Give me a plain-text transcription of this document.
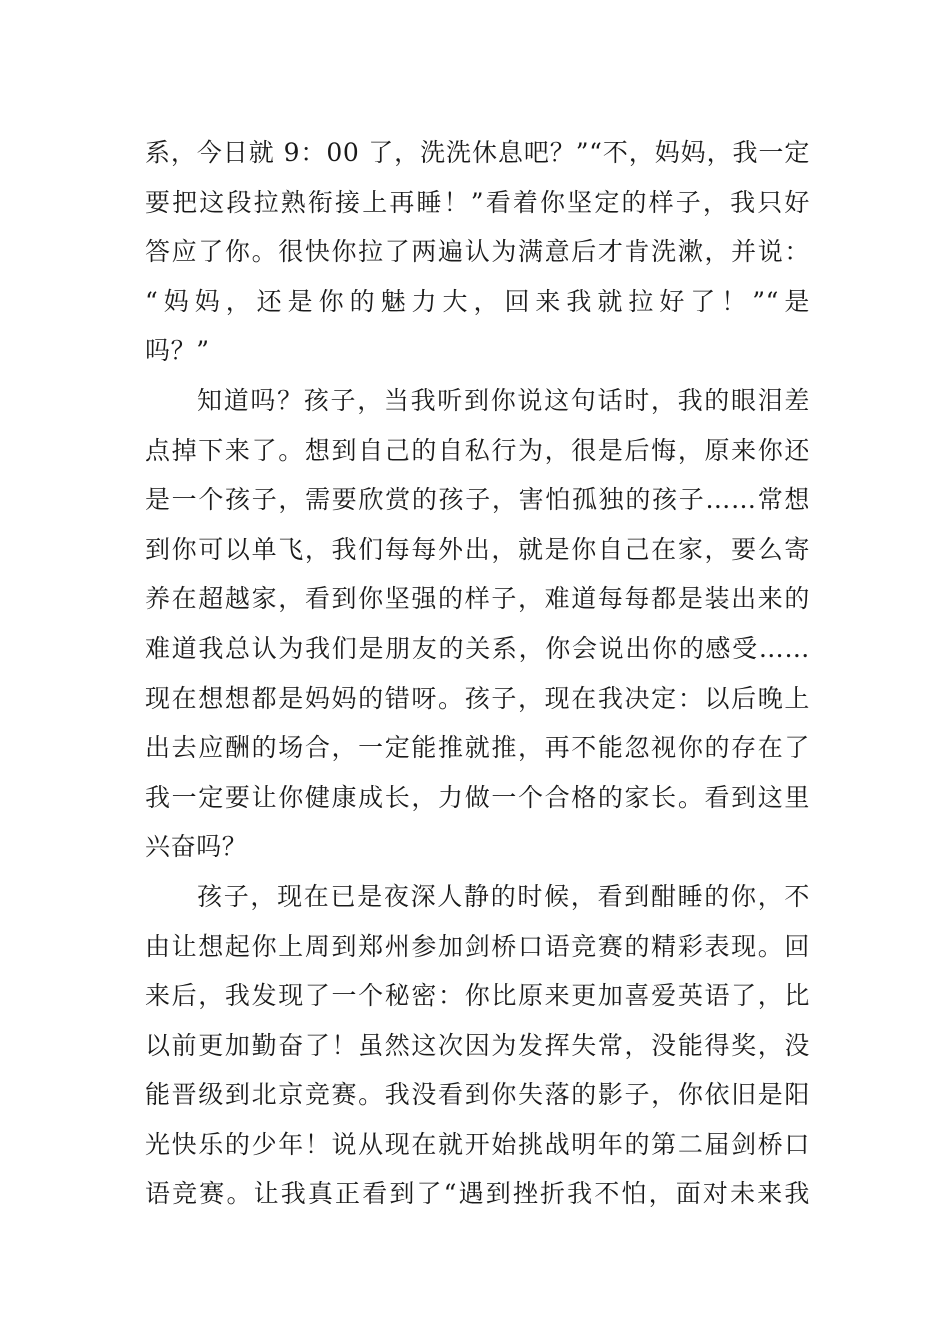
系，今日就 9：00 了，洗洗休息吧？”“不，妈妈，我一定
要把这段拉熟衔接上再睡！”看着你坚定的样子，我只好
答应了你。很快你拉了两遍认为满意后才肯洗漱，并说：
“妈妈，还是你的魅力大，回来我就拉好了！”“是
吗？”
知道吗？孩子，当我听到你说这句话时，我的眼泪差
点掉下来了。想到自己的自私行为，很是后悔，原来你还
是一个孩子，需要欣赏的孩子，害怕孤独的孩子……常想
到你可以单飞，我们每每外出，就是你自己在家，要么寄
养在超越家，看到你坚强的样子，难道每每都是装出来的
难道我总认为我们是朋友的关系，你会说出你的感受……
现在想想都是妈妈的错呀。孩子，现在我决定：以后晚上
出去应酬的场合，一定能推就推，再不能忽视你的存在了
我一定要让你健康成长，力做一个合格的家长。看到这里
兴奋吗？
孩子，现在已是夜深人静的时候，看到酣睡的你，不
由让想起你上周到郑州参加剑桥口语竞赛的精彩表现。回
来后，我发现了一个秘密：你比原来更加喜爱英语了，比
以前更加勤奋了！虽然这次因为发挥失常，没能得奖，没
能晋级到北京竞赛。我没看到你失落的影子，你依旧是阳
光快乐的少年！说从现在就开始挑战明年的第二届剑桥口
语竞赛。让我真正看到了“遇到挫折我不怕，面对未来我
